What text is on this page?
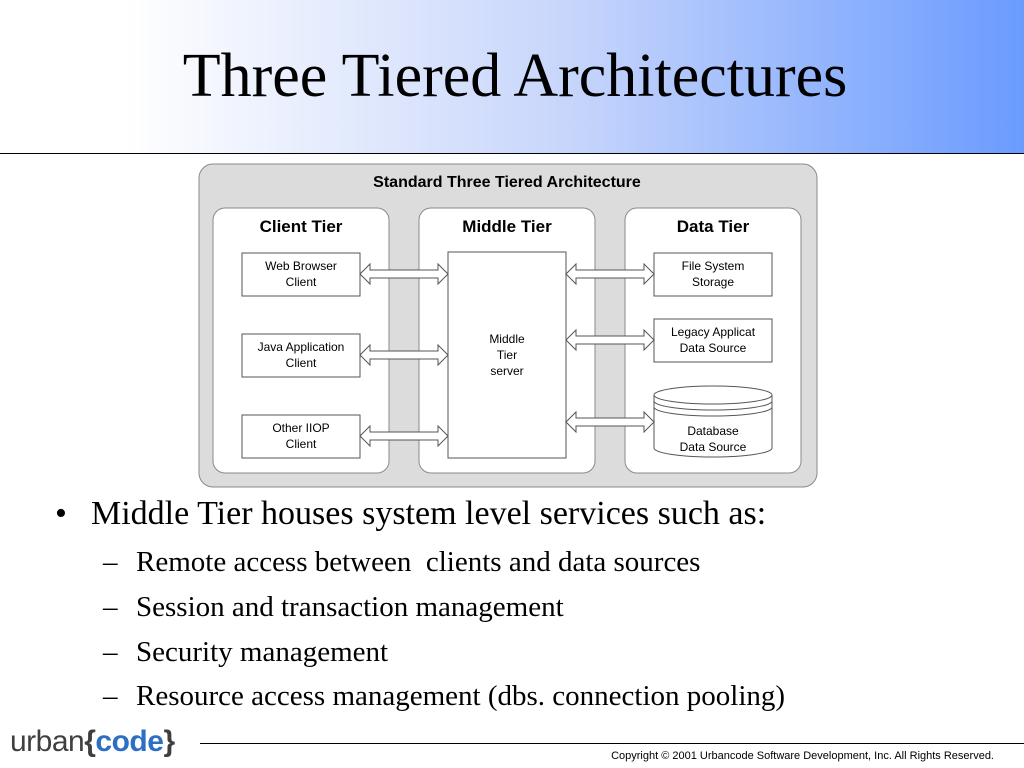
Three Tiered Architectures
Standard Three Tiered Architecture
Client Tier	Middle Tier	Data Tier
Web Browser
Client
Java Application
Client
Other IIOP
Client
Middle
Tier
server
File System
Storage
Legacy Applicat
Data Source
Database
Data Source
• Middle Tier houses system level services such as:
– Remote access between  clients and data sources
– Session and transaction management
– Security management
– Resource access management (dbs. connection pooling)
urban{code}	Copyright © 2001 Urbancode Software Development, Inc. All Rights Reserved.
